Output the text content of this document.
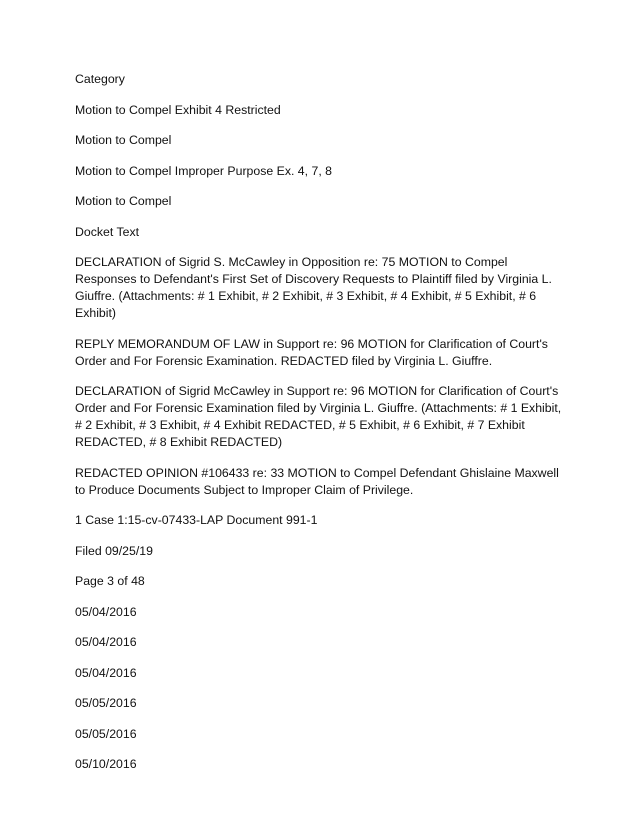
Category

Motion to Compel Exhibit 4 Restricted

Motion to Compel

Motion to Compel Improper Purpose Ex. 4, 7, 8

Motion to Compel

Docket Text

DECLARATION of Sigrid S. McCawley in Opposition re: 75 MOTION to Compel Responses to Defendant's First Set of Discovery Requests to Plaintiff filed by Virginia L. Giuffre. (Attachments: # 1 Exhibit, # 2 Exhibit, # 3 Exhibit, # 4 Exhibit, # 5 Exhibit, # 6 Exhibit)

REPLY MEMORANDUM OF LAW in Support re: 96 MOTION for Clarification of Court's Order and For Forensic Examination. REDACTED filed by Virginia L. Giuffre.

DECLARATION of Sigrid McCawley in Support re: 96 MOTION for Clarification of Court's Order and For Forensic Examination filed by Virginia L. Giuffre. (Attachments: # 1 Exhibit, # 2 Exhibit, # 3 Exhibit, # 4 Exhibit REDACTED, # 5 Exhibit, # 6 Exhibit, # 7 Exhibit REDACTED, # 8 Exhibit REDACTED)

REDACTED OPINION #106433 re: 33 MOTION to Compel Defendant Ghislaine Maxwell to Produce Documents Subject to Improper Claim of Privilege.

1 Case 1:15-cv-07433-LAP Document 991-1

Filed 09/25/19

Page 3 of 48

05/04/2016

05/04/2016

05/04/2016

05/05/2016

05/05/2016

05/10/2016
